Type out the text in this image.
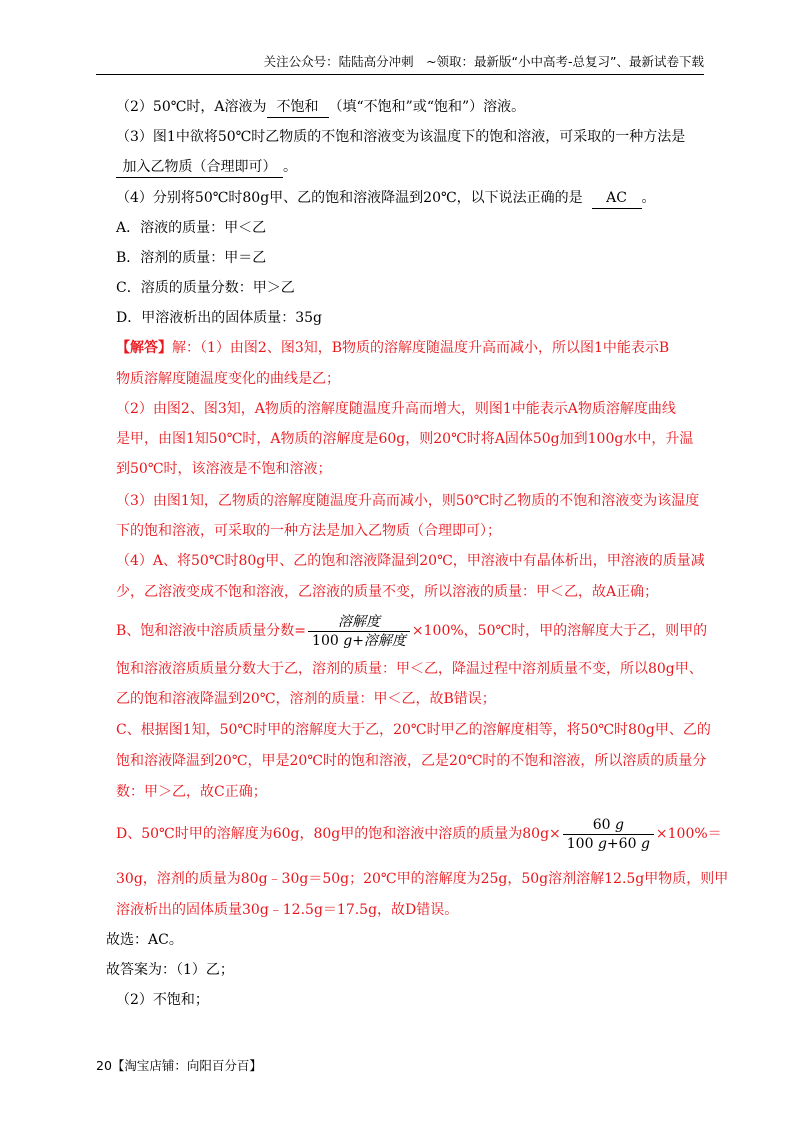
关注公众号：陆陆高分冲刺　~领取：最新版“小中高考-总复习”、最新试卷下载
（2）50℃时，A溶液为 不饱和 （填“不饱和”或“饱和”）溶液。
（3）图1中欲将50℃时乙物质的不饱和溶液变为该温度下的饱和溶液，可采取的一种方法是
加入乙物质（合理即可） 。
（4）分别将50℃时80g甲、乙的饱和溶液降温到20℃，以下说法正确的是 AC 。
A．溶液的质量：甲＜乙
B．溶剂的质量：甲＝乙
C．溶质的质量分数：甲＞乙
D．甲溶液析出的固体质量：35g
【解答】解：（1）由图2、图3知，B物质的溶解度随温度升高而减小，所以图1中能表示B
物质溶解度随温度变化的曲线是乙；
（2）由图2、图3知，A物质的溶解度随温度升高而增大，则图1中能表示A物质溶解度曲线
是甲，由图1知50℃时，A物质的溶解度是60g，则20℃时将A固体50g加到100g水中，升温
到50℃时，该溶液是不饱和溶液；
（3）由图1知，乙物质的溶解度随温度升高而减小，则50℃时乙物质的不饱和溶液变为该温度
下的饱和溶液，可采取的一种方法是加入乙物质（合理即可）；
（4）A、将50℃时80g甲、乙的饱和溶液降温到20℃，甲溶液中有晶体析出，甲溶液的质量减
少，乙溶液变成不饱和溶液，乙溶液的质量不变，所以溶液的质量：甲＜乙，故A正确；
B、饱和溶液中溶质质量分数= $\frac{\text{溶解度}}{\text{100 g+溶解度}} \times 100\%$，50℃时，甲的溶解度大于乙，则甲的
饱和溶液溶质质量分数大于乙，溶剂的质量：甲＜乙，降温过程中溶剂质量不变，所以80g甲、
乙的饱和溶液降温到20℃，溶剂的质量：甲＜乙，故B错误；
C、根据图1知，50℃时甲的溶解度大于乙，20℃时甲乙的溶解度相等，将50℃时80g甲、乙的
饱和溶液降温到20℃，甲是20℃时的饱和溶液，乙是20℃时的不饱和溶液，所以溶质的质量分
数：甲＞乙，故C正确；
D、50℃时甲的溶解度为60g，80g甲的饱和溶液中溶质的质量为$80g\times \frac{60 g}{100 g+60 g} \times 100\%=$
30g，溶剂的质量为80g﹣30g＝50g；20℃甲的溶解度为25g，50g溶剂溶解12.5g甲物质，则甲
溶液析出的固体质量30g﹣12.5g＝17.5g，故D错误。
故选：AC。
故答案为：（1）乙；
（2）不饱和；
20【淘宝店铺：向阳百分百】
